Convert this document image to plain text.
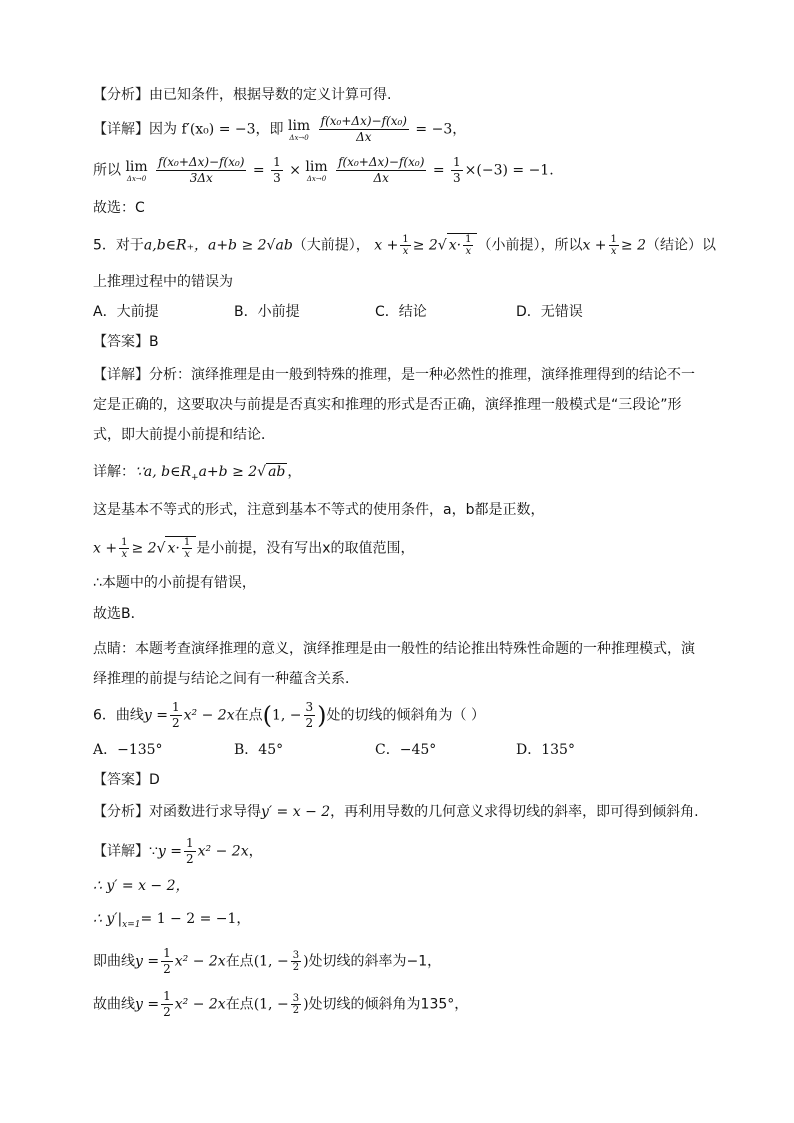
【分析】由已知条件，根据导数的定义计算可得.
【详解】因为 f′(x₀) = −3，即 lim
Δx→0
$\frac{\text{f(x₀+Δx)−f(x₀)}}{\Delta x} = -3$，
所以 lim
Δx→0
$\frac{\text{f(x₀+Δx)−f(x₀)}}{3\Delta x} = \frac{1}{3} \times \lim$
Δx→0
$\frac{\text{f(x₀+Δx)−f(x₀)}}{\Delta x} = \frac{1}{3} \times(-3) = -1$.
故选：C
5．对于a,b∈R₊，a+b ≥ 2√ab（大前提）， $x + \frac{1}{x} \ge 2√$ $x\cdot \frac{1}{x}$ （小前提），所以$x + \frac{1}{x} \ge 2$（结论）以
上推理过程中的错误为
A．大前提	B．小前提	C．结论	D．无错误
【答案】B
【详解】分析：演绎推理是由一般到特殊的推理，是一种必然性的推理，演绎推理得到的结论不一定是正确的，这要取决与前提是否真实和推理的形式是否正确，演绎推理一般模式是“三段论”形式，即大前提小前提和结论．
详解：∵a, $b\in R_+a+b \ge 2√$ ab ，
这是基本不等式的形式，注意到基本不等式的使用条件，a，b都是正数，
$x + \frac{1}{x} \ge 2√$ $x\cdot \frac{1}{x}$ 是小前提，没有写出x的取值范围，
∴本题中的小前提有错误，
故选B．
点睛：本题考查演绎推理的意义，演绎推理是由一般性的结论推出特殊性命题的一种推理模式，演绎推理的前提与结论之间有一种蕴含关系．
6．曲线$y = \frac{1}{2} x^2 - 2x$在点(1, − $\frac{3}{2}$ )处的切线的倾斜角为（ ）
A．−135°	B．45°	C．−45°	D．135°
【答案】D
【分析】对函数进行求导得y′ = x − 2，再利用导数的几何意义求得切线的斜率，即可得到倾斜角.
【详解】∵y = $\frac{1}{2} x^2 - 2x$，
∴ y′ = x − 2，
∴ $y'|_{x=1}= 1 - 2 = -1$，
即曲线$y = \frac{1}{2} x^2 - 2x$在点(1, − $\frac{3}{2}$ )处切线的斜率为−1，
故曲线$y = \frac{1}{2} x^2 - 2x$在点(1, − $\frac{3}{2}$ )处切线的倾斜角为135°，
